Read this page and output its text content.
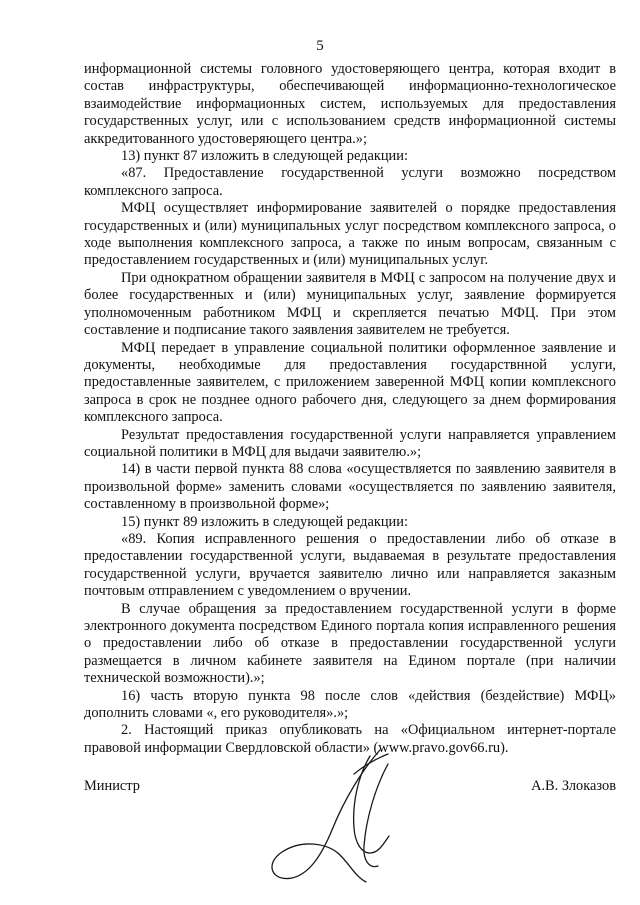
5

информационной системы головного удостоверяющего центра, которая входит в состав инфраструктуры, обеспечивающей информационно-технологическое взаимодействие информационных систем, используемых для предоставления государственных услуг, или с использованием средств информационной системы аккредитованного удостоверяющего центра.»;

13) пункт 87 изложить в следующей редакции:

«87. Предоставление государственной услуги возможно посредством комплексного запроса.

МФЦ осуществляет информирование заявителей о порядке предоставления государственных и (или) муниципальных услуг посредством комплексного запроса, о ходе выполнения комплексного запроса, а также по иным вопросам, связанным с предоставлением государственных и (или) муниципальных услуг.

При однократном обращении заявителя в МФЦ с запросом на получение двух и более государственных и (или) муниципальных услуг, заявление формируется уполномоченным работником МФЦ и скрепляется печатью МФЦ. При этом составление и подписание такого заявления заявителем не требуется.

МФЦ передает в управление социальной политики оформленное заявление и документы, необходимые для предоставления государствнной услуги, предоставленные заявителем, с приложением заверенной МФЦ копии комплексного запроса в срок не позднее одного рабочего дня, следующего за днем формирования комплексного запроса.

Результат предоставления государственной услуги направляется управлением социальной политики в МФЦ для выдачи заявителю.»;

14) в части первой пункта 88 слова «осуществляется по заявлению заявителя в произвольной форме» заменить словами «осуществляется по заявлению заявителя, составленному в произвольной форме»;

15) пункт 89 изложить в следующей редакции:

«89. Копия исправленного решения о предоставлении либо об отказе в предоставлении государственной услуги, выдаваемая в результате предоставления государственной услуги, вручается заявителю лично или направляется заказным почтовым отправлением с уведомлением о вручении.

В случае обращения за предоставлением государственной услуги в форме электронного документа посредством Единого портала копия исправленного решения о предоставлении либо об отказе в предоставлении государственной услуги размещается в личном кабинете заявителя на Едином портале (при наличии технической возможности).»;

16) часть вторую пункта 98 после слов «действия (бездействие) МФЦ» дополнить словами «, его руководителя».»;

2. Настоящий приказ опубликовать на «Официальном интернет-портале правовой информации Свердловской области» (www.pravo.gov66.ru).

Министр	А.В. Злоказов
